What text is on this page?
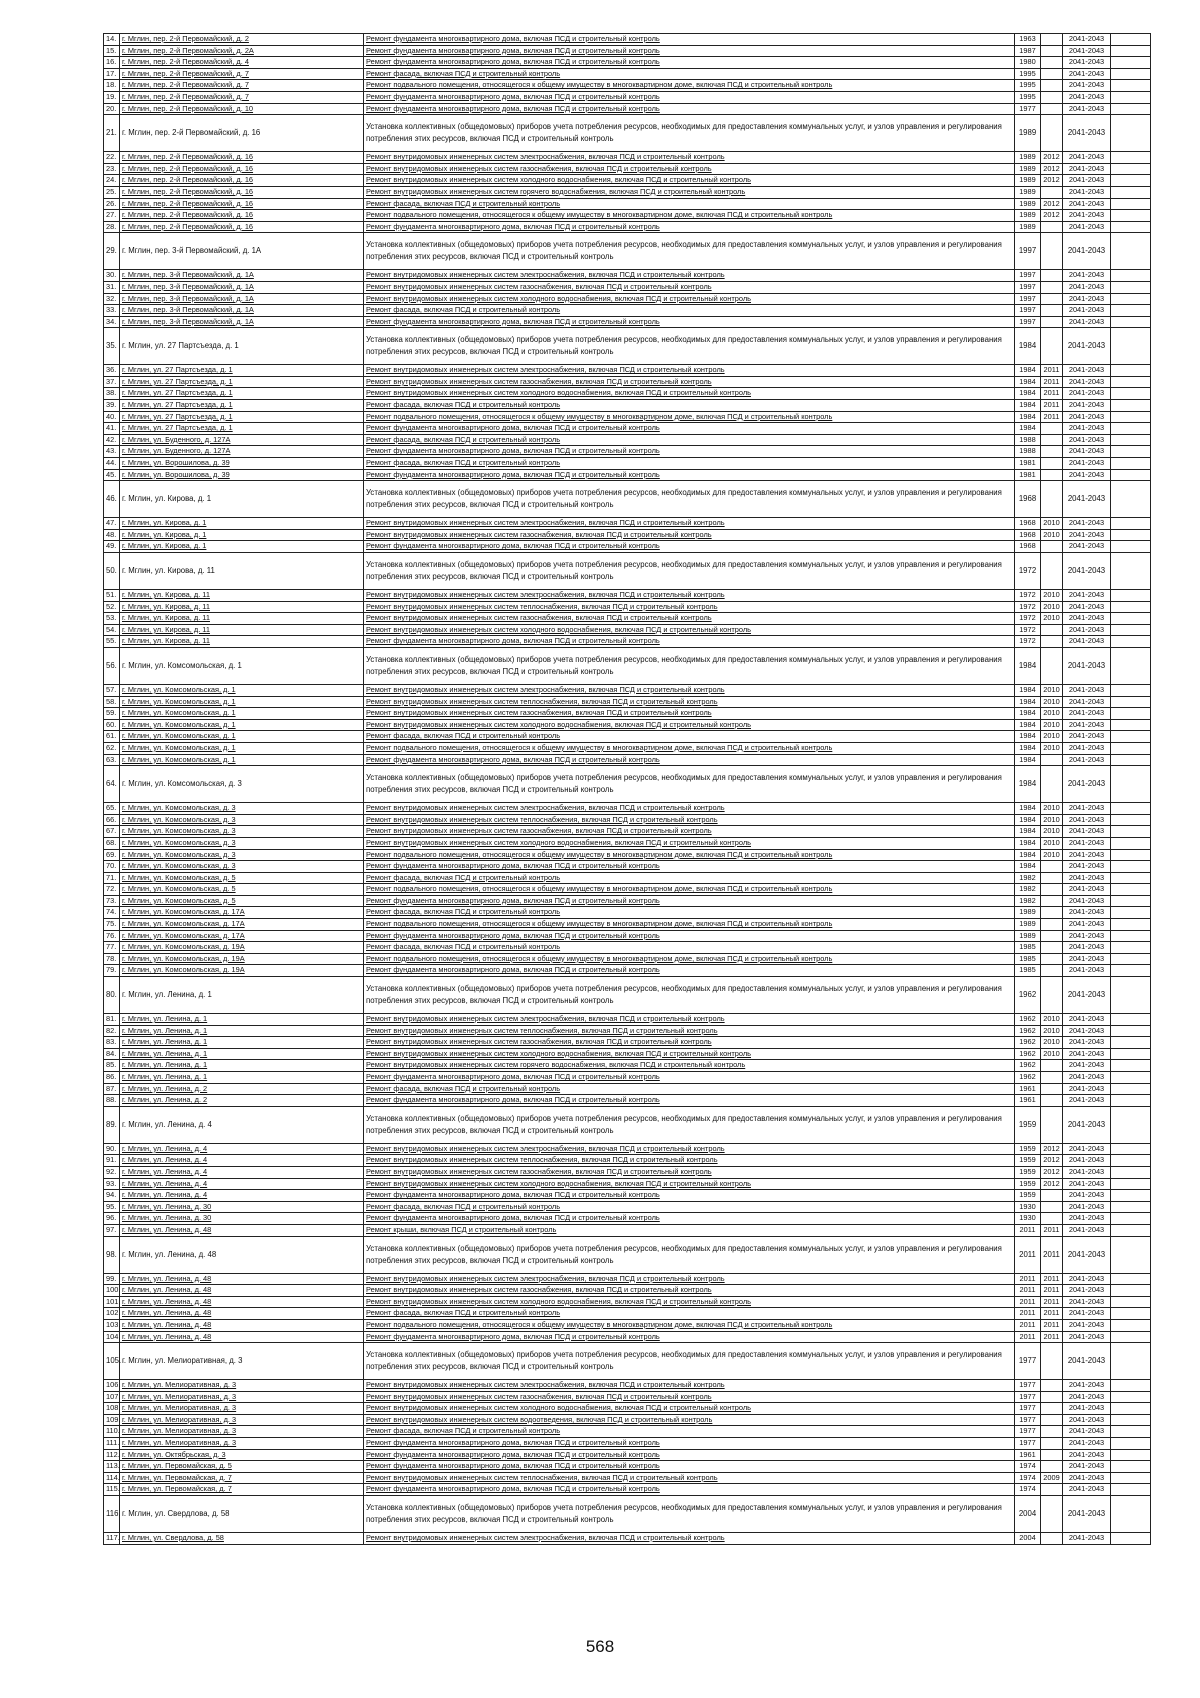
14.	г. Мглин, пер. 2-й Первомайский, д. 2	Ремонт фундамента многоквартирного дома, включая ПСД и строительный контроль	1963		2041-2043	
15.	г. Мглин, пер. 2-й Первомайский, д. 2А	Ремонт фундамента многоквартирного дома, включая ПСД и строительный контроль	1987		2041-2043	
16.	г. Мглин, пер. 2-й Первомайский, д. 4	Ремонт фундамента многоквартирного дома, включая ПСД и строительный контроль	1980		2041-2043	
17.	г. Мглин, пер. 2-й Первомайский, д. 7	Ремонт фасада, включая ПСД и строительный контроль	1995		2041-2043	
18.	г. Мглин, пер. 2-й Первомайский, д. 7	Ремонт подвального помещения, относящегося к общему имуществу в многоквартирном доме, включая ПСД и строительный контроль	1995		2041-2043	
19.	г. Мглин, пер. 2-й Первомайский, д. 7	Ремонт фундамента многоквартирного дома, включая ПСД и строительный контроль	1995		2041-2043	
20.	г. Мглин, пер. 2-й Первомайский, д. 10	Ремонт фундамента многоквартирного дома, включая ПСД и строительный контроль	1977		2041-2043	
21.	г. Мглин, пер. 2-й Первомайский, д. 16	Установка коллективных (общедомовых) приборов учета потребления ресурсов, необходимых для предоставления коммунальных услуг, и узлов управления и регулирования потребления этих ресурсов, включая ПСД и строительный контроль	1989		2041-2043	
22.	г. Мглин, пер. 2-й Первомайский, д. 16	Ремонт внутридомовых инженерных систем электроснабжения, включая ПСД и строительный контроль	1989	2012	2041-2043	
23.	г. Мглин, пер. 2-й Первомайский, д. 16	Ремонт внутридомовых инженерных систем газоснабжения, включая ПСД и строительный контроль	1989	2012	2041-2043	
24.	г. Мглин, пер. 2-й Первомайский, д. 16	Ремонт внутридомовых инженерных систем холодного водоснабжения, включая ПСД и строительный контроль	1989	2012	2041-2043	
25.	г. Мглин, пер. 2-й Первомайский, д. 16	Ремонт внутридомовых инженерных систем горячего водоснабжения, включая ПСД и строительный контроль	1989		2041-2043	
26.	г. Мглин, пер. 2-й Первомайский, д. 16	Ремонт фасада, включая ПСД и строительный контроль	1989	2012	2041-2043	
27.	г. Мглин, пер. 2-й Первомайский, д. 16	Ремонт подвального помещения, относящегося к общему имуществу в многоквартирном доме, включая ПСД и строительный контроль	1989	2012	2041-2043	
28.	г. Мглин, пер. 2-й Первомайский, д. 16	Ремонт фундамента многоквартирного дома, включая ПСД и строительный контроль	1989		2041-2043	
29.	г. Мглин, пер. 3-й Первомайский, д. 1А	Установка коллективных (общедомовых) приборов учета потребления ресурсов, необходимых для предоставления коммунальных услуг, и узлов управления и регулирования потребления этих ресурсов, включая ПСД и строительный контроль	1997		2041-2043	
30.	г. Мглин, пер. 3-й Первомайский, д. 1А	Ремонт внутридомовых инженерных систем электроснабжения, включая ПСД и строительный контроль	1997		2041-2043	
31.	г. Мглин, пер. 3-й Первомайский, д. 1А	Ремонт внутридомовых инженерных систем газоснабжения, включая ПСД и строительный контроль	1997		2041-2043	
32.	г. Мглин, пер. 3-й Первомайский, д. 1А	Ремонт внутридомовых инженерных систем холодного водоснабжения, включая ПСД и строительный контроль	1997		2041-2043	
33.	г. Мглин, пер. 3-й Первомайский, д. 1А	Ремонт фасада, включая ПСД и строительный контроль	1997		2041-2043	
34.	г. Мглин, пер. 3-й Первомайский, д. 1А	Ремонт фундамента многоквартирного дома, включая ПСД и строительный контроль	1997		2041-2043	
35.	г. Мглин, ул. 27 Партсъезда, д. 1	Установка коллективных (общедомовых) приборов учета потребления ресурсов, необходимых для предоставления коммунальных услуг, и узлов управления и регулирования потребления этих ресурсов, включая ПСД и строительный контроль	1984		2041-2043	
36.	г. Мглин, ул. 27 Партсъезда, д. 1	Ремонт внутридомовых инженерных систем электроснабжения, включая ПСД и строительный контроль	1984	2011	2041-2043	
37.	г. Мглин, ул. 27 Партсъезда, д. 1	Ремонт внутридомовых инженерных систем газоснабжения, включая ПСД и строительный контроль	1984	2011	2041-2043	
38.	г. Мглин, ул. 27 Партсъезда, д. 1	Ремонт внутридомовых инженерных систем холодного водоснабжения, включая ПСД и строительный контроль	1984	2011	2041-2043	
39.	г. Мглин, ул. 27 Партсъезда, д. 1	Ремонт фасада, включая ПСД и строительный контроль	1984	2011	2041-2043	
40.	г. Мглин, ул. 27 Партсъезда, д. 1	Ремонт подвального помещения, относящегося к общему имуществу в многоквартирном доме, включая ПСД и строительный контроль	1984	2011	2041-2043	
41.	г. Мглин, ул. 27 Партсъезда, д. 1	Ремонт фундамента многоквартирного дома, включая ПСД и строительный контроль	1984		2041-2043	
42.	г. Мглин, ул. Буденного, д. 127А	Ремонт фасада, включая ПСД и строительный контроль	1988		2041-2043	
43.	г. Мглин, ул. Буденного, д. 127А	Ремонт фундамента многоквартирного дома, включая ПСД и строительный контроль	1988		2041-2043	
44.	г. Мглин, ул. Ворошилова, д. 39	Ремонт фасада, включая ПСД и строительный контроль	1981		2041-2043	
45.	г. Мглин, ул. Ворошилова, д. 39	Ремонт фундамента многоквартирного дома, включая ПСД и строительный контроль	1981		2041-2043	
46.	г. Мглин, ул. Кирова, д. 1	Установка коллективных (общедомовых) приборов учета потребления ресурсов, необходимых для предоставления коммунальных услуг, и узлов управления и регулирования потребления этих ресурсов, включая ПСД и строительный контроль	1968		2041-2043	
47.	г. Мглин, ул. Кирова, д. 1	Ремонт внутридомовых инженерных систем электроснабжения, включая ПСД и строительный контроль	1968	2010	2041-2043	
48.	г. Мглин, ул. Кирова, д. 1	Ремонт внутридомовых инженерных систем газоснабжения, включая ПСД и строительный контроль	1968	2010	2041-2043	
49.	г. Мглин, ул. Кирова, д. 1	Ремонт фундамента многоквартирного дома, включая ПСД и строительный контроль	1968		2041-2043	
50.	г. Мглин, ул. Кирова, д. 11	Установка коллективных (общедомовых) приборов учета потребления ресурсов, необходимых для предоставления коммунальных услуг, и узлов управления и регулирования потребления этих ресурсов, включая ПСД и строительный контроль	1972		2041-2043	
51.	г. Мглин, ул. Кирова, д. 11	Ремонт внутридомовых инженерных систем электроснабжения, включая ПСД и строительный контроль	1972	2010	2041-2043	
52.	г. Мглин, ул. Кирова, д. 11	Ремонт внутридомовых инженерных систем теплоснабжения, включая ПСД и строительный контроль	1972	2010	2041-2043	
53.	г. Мглин, ул. Кирова, д. 11	Ремонт внутридомовых инженерных систем газоснабжения, включая ПСД и строительный контроль	1972	2010	2041-2043	
54.	г. Мглин, ул. Кирова, д. 11	Ремонт внутридомовых инженерных систем холодного водоснабжения, включая ПСД и строительный контроль	1972		2041-2043	
55.	г. Мглин, ул. Кирова, д. 11	Ремонт фундамента многоквартирного дома, включая ПСД и строительный контроль	1972		2041-2043	
56.	г. Мглин, ул. Комсомольская, д. 1	Установка коллективных (общедомовых) приборов учета потребления ресурсов, необходимых для предоставления коммунальных услуг, и узлов управления и регулирования потребления этих ресурсов, включая ПСД и строительный контроль	1984		2041-2043	
57.	г. Мглин, ул. Комсомольская, д. 1	Ремонт внутридомовых инженерных систем электроснабжения, включая ПСД и строительный контроль	1984	2010	2041-2043	
58.	г. Мглин, ул. Комсомольская, д. 1	Ремонт внутридомовых инженерных систем теплоснабжения, включая ПСД и строительный контроль	1984	2010	2041-2043	
59.	г. Мглин, ул. Комсомольская, д. 1	Ремонт внутридомовых инженерных систем газоснабжения, включая ПСД и строительный контроль	1984	2010	2041-2043	
60.	г. Мглин, ул. Комсомольская, д. 1	Ремонт внутридомовых инженерных систем холодного водоснабжения, включая ПСД и строительный контроль	1984	2010	2041-2043	
61.	г. Мглин, ул. Комсомольская, д. 1	Ремонт фасада, включая ПСД и строительный контроль	1984	2010	2041-2043	
62.	г. Мглин, ул. Комсомольская, д. 1	Ремонт подвального помещения, относящегося к общему имуществу в многоквартирном доме, включая ПСД и строительный контроль	1984	2010	2041-2043	
63.	г. Мглин, ул. Комсомольская, д. 1	Ремонт фундамента многоквартирного дома, включая ПСД и строительный контроль	1984		2041-2043	
64.	г. Мглин, ул. Комсомольская, д. 3	Установка коллективных (общедомовых) приборов учета потребления ресурсов, необходимых для предоставления коммунальных услуг, и узлов управления и регулирования потребления этих ресурсов, включая ПСД и строительный контроль	1984		2041-2043	
65.	г. Мглин, ул. Комсомольская, д. 3	Ремонт внутридомовых инженерных систем электроснабжения, включая ПСД и строительный контроль	1984	2010	2041-2043	
66.	г. Мглин, ул. Комсомольская, д. 3	Ремонт внутридомовых инженерных систем теплоснабжения, включая ПСД и строительный контроль	1984	2010	2041-2043	
67.	г. Мглин, ул. Комсомольская, д. 3	Ремонт внутридомовых инженерных систем газоснабжения, включая ПСД и строительный контроль	1984	2010	2041-2043	
68.	г. Мглин, ул. Комсомольская, д. 3	Ремонт внутридомовых инженерных систем холодного водоснабжения, включая ПСД и строительный контроль	1984	2010	2041-2043	
69.	г. Мглин, ул. Комсомольская, д. 3	Ремонт подвального помещения, относящегося к общему имуществу в многоквартирном доме, включая ПСД и строительный контроль	1984	2010	2041-2043	
70.	г. Мглин, ул. Комсомольская, д. 3	Ремонт фундамента многоквартирного дома, включая ПСД и строительный контроль	1984		2041-2043	
71.	г. Мглин, ул. Комсомольская, д. 5	Ремонт фасада, включая ПСД и строительный контроль	1982		2041-2043	
72.	г. Мглин, ул. Комсомольская, д. 5	Ремонт подвального помещения, относящегося к общему имуществу в многоквартирном доме, включая ПСД и строительный контроль	1982		2041-2043	
73.	г. Мглин, ул. Комсомольская, д. 5	Ремонт фундамента многоквартирного дома, включая ПСД и строительный контроль	1982		2041-2043	
74.	г. Мглин, ул. Комсомольская, д. 17А	Ремонт фасада, включая ПСД и строительный контроль	1989		2041-2043	
75.	г. Мглин, ул. Комсомольская, д. 17А	Ремонт подвального помещения, относящегося к общему имуществу в многоквартирном доме, включая ПСД и строительный контроль	1989		2041-2043	
76.	г. Мглин, ул. Комсомольская, д. 17А	Ремонт фундамента многоквартирного дома, включая ПСД и строительный контроль	1989		2041-2043	
77.	г. Мглин, ул. Комсомольская, д. 19А	Ремонт фасада, включая ПСД и строительный контроль	1985		2041-2043	
78.	г. Мглин, ул. Комсомольская, д. 19А	Ремонт подвального помещения, относящегося к общему имуществу в многоквартирном доме, включая ПСД и строительный контроль	1985		2041-2043	
79.	г. Мглин, ул. Комсомольская, д. 19А	Ремонт фундамента многоквартирного дома, включая ПСД и строительный контроль	1985		2041-2043	
80.	г. Мглин, ул. Ленина, д. 1	Установка коллективных (общедомовых) приборов учета потребления ресурсов, необходимых для предоставления коммунальных услуг, и узлов управления и регулирования потребления этих ресурсов, включая ПСД и строительный контроль	1962		2041-2043	
81.	г. Мглин, ул. Ленина, д. 1	Ремонт внутридомовых инженерных систем электроснабжения, включая ПСД и строительный контроль	1962	2010	2041-2043	
82.	г. Мглин, ул. Ленина, д. 1	Ремонт внутридомовых инженерных систем теплоснабжения, включая ПСД и строительный контроль	1962	2010	2041-2043	
83.	г. Мглин, ул. Ленина, д. 1	Ремонт внутридомовых инженерных систем газоснабжения, включая ПСД и строительный контроль	1962	2010	2041-2043	
84.	г. Мглин, ул. Ленина, д. 1	Ремонт внутридомовых инженерных систем холодного водоснабжения, включая ПСД и строительный контроль	1962	2010	2041-2043	
85.	г. Мглин, ул. Ленина, д. 1	Ремонт внутридомовых инженерных систем горячего водоснабжения, включая ПСД и строительный контроль	1962		2041-2043	
86.	г. Мглин, ул. Ленина, д. 1	Ремонт фундамента многоквартирного дома, включая ПСД и строительный контроль	1962		2041-2043	
87.	г. Мглин, ул. Ленина, д. 2	Ремонт фасада, включая ПСД и строительный контроль	1961		2041-2043	
88.	г. Мглин, ул. Ленина, д. 2	Ремонт фундамента многоквартирного дома, включая ПСД и строительный контроль	1961		2041-2043	
89.	г. Мглин, ул. Ленина, д. 4	Установка коллективных (общедомовых) приборов учета потребления ресурсов, необходимых для предоставления коммунальных услуг, и узлов управления и регулирования потребления этих ресурсов, включая ПСД и строительный контроль	1959		2041-2043	
90.	г. Мглин, ул. Ленина, д. 4	Ремонт внутридомовых инженерных систем электроснабжения, включая ПСД и строительный контроль	1959	2012	2041-2043	
91.	г. Мглин, ул. Ленина, д. 4	Ремонт внутридомовых инженерных систем теплоснабжения, включая ПСД и строительный контроль	1959	2012	2041-2043	
92.	г. Мглин, ул. Ленина, д. 4	Ремонт внутридомовых инженерных систем газоснабжения, включая ПСД и строительный контроль	1959	2012	2041-2043	
93.	г. Мглин, ул. Ленина, д. 4	Ремонт внутридомовых инженерных систем холодного водоснабжения, включая ПСД и строительный контроль	1959	2012	2041-2043	
94.	г. Мглин, ул. Ленина, д. 4	Ремонт фундамента многоквартирного дома, включая ПСД и строительный контроль	1959		2041-2043	
95.	г. Мглин, ул. Ленина, д. 30	Ремонт фасада, включая ПСД и строительный контроль	1930		2041-2043	
96.	г. Мглин, ул. Ленина, д. 30	Ремонт фундамента многоквартирного дома, включая ПСД и строительный контроль	1930		2041-2043	
97.	г. Мглин, ул. Ленина, д. 48	Ремонт крыши, включая ПСД и строительный контроль	2011	2011	2041-2043	
98.	г. Мглин, ул. Ленина, д. 48	Установка коллективных (общедомовых) приборов учета потребления ресурсов, необходимых для предоставления коммунальных услуг, и узлов управления и регулирования потребления этих ресурсов, включая ПСД и строительный контроль	2011	2011	2041-2043	
99.	г. Мглин, ул. Ленина, д. 48	Ремонт внутридомовых инженерных систем электроснабжения, включая ПСД и строительный контроль	2011	2011	2041-2043	
100.	г. Мглин, ул. Ленина, д. 48	Ремонт внутридомовых инженерных систем газоснабжения, включая ПСД и строительный контроль	2011	2011	2041-2043	
101.	г. Мглин, ул. Ленина, д. 48	Ремонт внутридомовых инженерных систем холодного водоснабжения, включая ПСД и строительный контроль	2011	2011	2041-2043	
102.	г. Мглин, ул. Ленина, д. 48	Ремонт фасада, включая ПСД и строительный контроль	2011	2011	2041-2043	
103.	г. Мглин, ул. Ленина, д. 48	Ремонт подвального помещения, относящегося к общему имуществу в многоквартирном доме, включая ПСД и строительный контроль	2011	2011	2041-2043	
104.	г. Мглин, ул. Ленина, д. 48	Ремонт фундамента многоквартирного дома, включая ПСД и строительный контроль	2011	2011	2041-2043	
105.	г. Мглин, ул. Мелиоративная, д. 3	Установка коллективных (общедомовых) приборов учета потребления ресурсов, необходимых для предоставления коммунальных услуг, и узлов управления и регулирования потребления этих ресурсов, включая ПСД и строительный контроль	1977		2041-2043	
106.	г. Мглин, ул. Мелиоративная, д. 3	Ремонт внутридомовых инженерных систем электроснабжения, включая ПСД и строительный контроль	1977		2041-2043	
107.	г. Мглин, ул. Мелиоративная, д. 3	Ремонт внутридомовых инженерных систем газоснабжения, включая ПСД и строительный контроль	1977		2041-2043	
108.	г. Мглин, ул. Мелиоративная, д. 3	Ремонт внутридомовых инженерных систем холодного водоснабжения, включая ПСД и строительный контроль	1977		2041-2043	
109.	г. Мглин, ул. Мелиоративная, д. 3	Ремонт внутридомовых инженерных систем водоотведения, включая ПСД и строительный контроль	1977		2041-2043	
110.	г. Мглин, ул. Мелиоративная, д. 3	Ремонт фасада, включая ПСД и строительный контроль	1977		2041-2043	
111.	г. Мглин, ул. Мелиоративная, д. 3	Ремонт фундамента многоквартирного дома, включая ПСД и строительный контроль	1977		2041-2043	
112.	г. Мглин, ул. Октябрьская, д. 3	Ремонт фундамента многоквартирного дома, включая ПСД и строительный контроль	1961		2041-2043	
113.	г. Мглин, ул. Первомайская, д. 5	Ремонт фундамента многоквартирного дома, включая ПСД и строительный контроль	1974		2041-2043	
114.	г. Мглин, ул. Первомайская, д. 7	Ремонт внутридомовых инженерных систем теплоснабжения, включая ПСД и строительный контроль	1974	2009	2041-2043	
115.	г. Мглин, ул. Первомайская, д. 7	Ремонт фундамента многоквартирного дома, включая ПСД и строительный контроль	1974		2041-2043	
116.	г. Мглин, ул. Свердлова, д. 58	Установка коллективных (общедомовых) приборов учета потребления ресурсов, необходимых для предоставления коммунальных услуг, и узлов управления и регулирования потребления этих ресурсов, включая ПСД и строительный контроль	2004		2041-2043	
117.	г. Мглин, ул. Свердлова, д. 58	Ремонт внутридомовых инженерных систем электроснабжения, включая ПСД и строительный контроль	2004		2041-2043	
568
